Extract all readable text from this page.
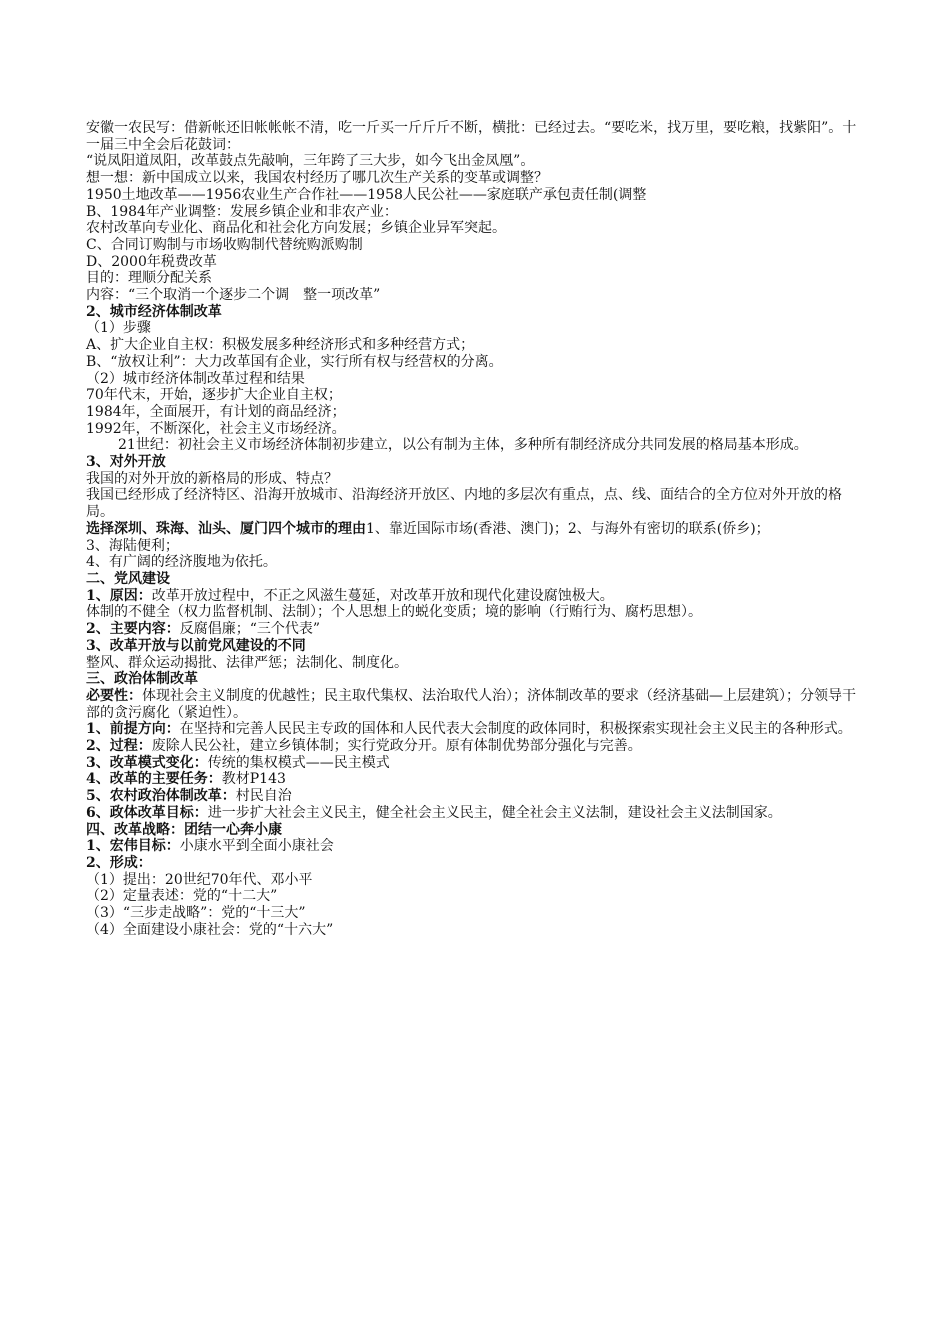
安徽一农民写：借新帐还旧帐帐帐不清，吃一斤买一斤斤斤不断，横批：已经过去。“要吃米，找万里，要吃粮，找紫阳”。十一届三中全会后花鼓词：

“说凤阳道凤阳，改革鼓点先敲响，三年跨了三大步，如今飞出金凤凰”。

想一想：新中国成立以来，我国农村经历了哪几次生产关系的变革或调整？

1950土地改革——1956农业生产合作社——1958人民公社——家庭联产承包责任制(调整

B、1984年产业调整：发展乡镇企业和非农产业：

农村改革向专业化、商品化和社会化方向发展；乡镇企业异军突起。

C、合同订购制与市场收购制代替统购派购制

D、2000年税费改革

目的：理顺分配关系

内容：“三个取消一个逐步二个调　整一项改革”

2、城市经济体制改革

（1）步骤

A、扩大企业自主权：积极发展多种经济形式和多种经营方式；

B、“放权让利”：大力改革国有企业，实行所有权与经营权的分离。

（2）城市经济体制改革过程和结果

70年代末，开始，逐步扩大企业自主权；

1984年，全面展开，有计划的商品经济；

1992年，不断深化，社会主义市场经济。

21世纪：初社会主义市场经济体制初步建立，以公有制为主体，多种所有制经济成分共同发展的格局基本形成。

3、对外开放

我国的对外开放的新格局的形成、特点？

我国已经形成了经济特区、沿海开放城市、沿海经济开放区、内地的多层次有重点，点、线、面结合的全方位对外开放的格局。

选择深圳、珠海、汕头、厦门四个城市的理由1、靠近国际市场(香港、澳门)；2、与海外有密切的联系(侨乡)；

3、海陆便利；

4、有广阔的经济腹地为依托。

二、党风建设

1、原因：改革开放过程中，不正之风滋生蔓延，对改革开放和现代化建设腐蚀极大。

体制的不健全（权力监督机制、法制）；个人思想上的蜕化变质；境的影响（行贿行为、腐朽思想）。

2、主要内容：反腐倡廉；“三个代表”

3、改革开放与以前党风建设的不同

整风、群众运动揭批、法律严惩；法制化、制度化。

三、政治体制改革

必要性：体现社会主义制度的优越性；民主取代集权、法治取代人治）；济体制改革的要求（经济基础—上层建筑）；分领导干部的贪污腐化（紧迫性）。

1、前提方向：在坚持和完善人民民主专政的国体和人民代表大会制度的政体同时，积极探索实现社会主义民主的各种形式。

2、过程：废除人民公社，建立乡镇体制；实行党政分开。原有体制优势部分强化与完善。

3、改革模式变化：传统的集权模式——民主模式

4、改革的主要任务：教材P143

5、农村政治体制改革：村民自治

6、政体改革目标：进一步扩大社会主义民主，健全社会主义民主，健全社会主义法制，建设社会主义法制国家。

四、改革战略：团结一心奔小康

1、宏伟目标：小康水平到全面小康社会

2、形成：

（1）提出：20世纪70年代、邓小平

（2）定量表述：党的“十二大”

（3）“三步走战略”：党的“十三大”

（4）全面建设小康社会：党的“十六大”
